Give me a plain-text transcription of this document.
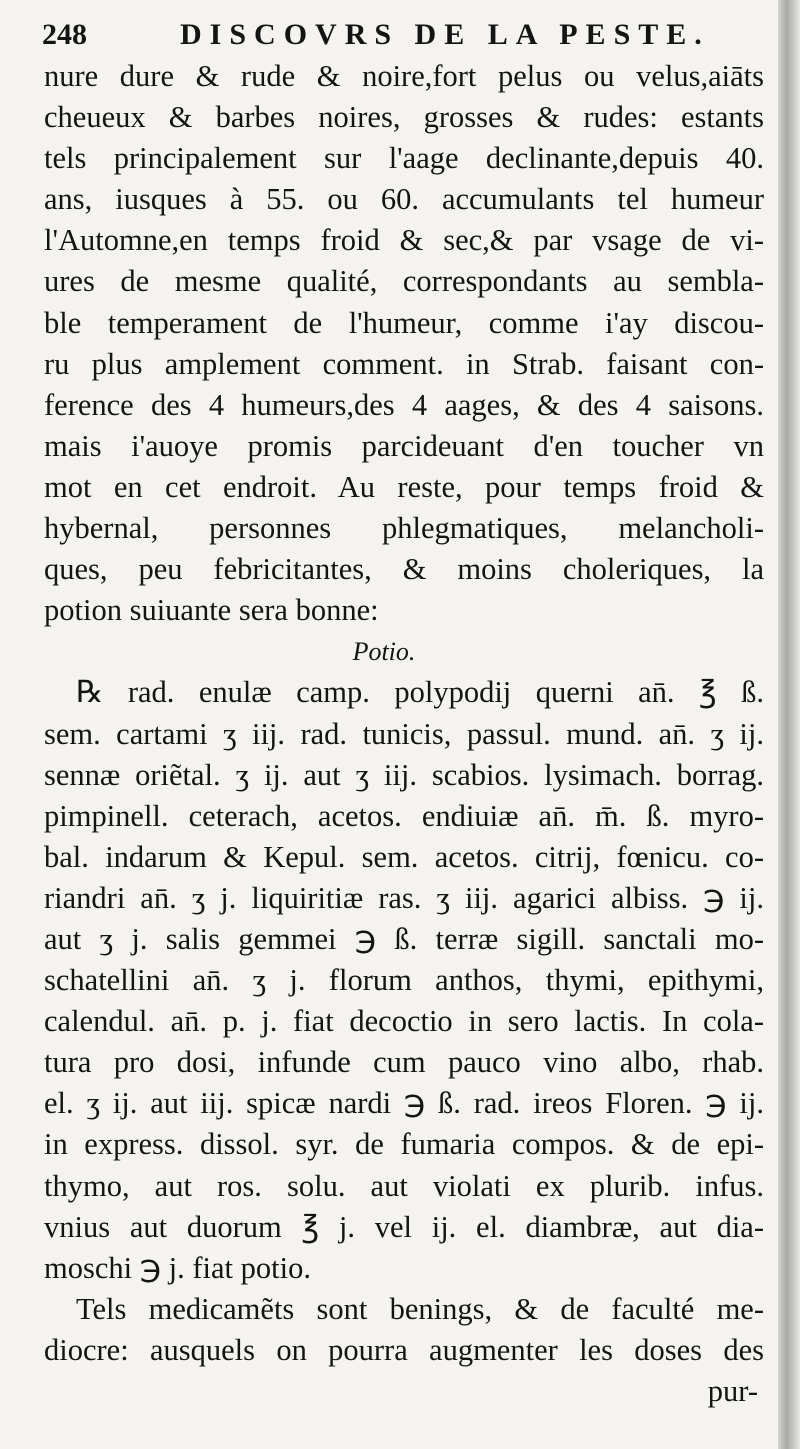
248	DISCOVRS DE LA PESTE.
nure dure & rude & noire,fort pelus ou velus,aiāts
cheueux & barbes noires, grosses & rudes: estants
tels principalement sur l'aage declinante,depuis 40.
ans, iusques à 55. ou 60. accumulants tel humeur
l'Automne,en temps froid & sec,& par vsage de vi-
ures de mesme qualité, correspondants au sembla-
ble temperament de l'humeur, comme i'ay discou-
ru plus amplement comment. in Strab. faisant con-
ference des 4 humeurs,des 4 aages, & des 4 saisons.
mais i'auoye promis parcideuant d'en toucher vn
mot en cet endroit. Au reste, pour temps froid &
hybernal, personnes phlegmatiques, melancholi-
ques, peu febricitantes, & moins choleriques, la
potion suiuante sera bonne:
Potio.
℞ rad. enulæ camp. polypodij querni an̄. ℥ ß.
sem. cartami ʒ iij. rad. tunicis, passul. mund. an̄. ʒ ij.
sennæ oriẽtal. ʒ ij. aut ʒ iij. scabios. lysimach. borrag.
pimpinell. ceterach, acetos. endiuiæ an̄. m̄. ß. myro-
bal. indarum & Kepul. sem. acetos. citrij, fœnicu. co-
riandri an̄. ʒ j. liquiritiæ ras. ʒ iij. agarici albiss. ℈ ij.
aut ʒ j. salis gemmei ℈ ß. terræ sigill. sanctali mo-
schatellini an̄. ʒ j. florum anthos, thymi, epithymi,
calendul. an̄. p. j. fiat decoctio in sero lactis. In cola-
tura pro dosi, infunde cum pauco vino albo, rhab.
el. ʒ ij. aut iij. spicæ nardi ℈ ß. rad. ireos Floren. ℈ ij.
in express. dissol. syr. de fumaria compos. & de epi-
thymo, aut ros. solu. aut violati ex plurib. infus.
vnius aut duorum ℥ j. vel ij. el. diambræ, aut dia-
moschi ℈ j. fiat potio.
Tels medicamẽts sont benings, & de faculté me-
diocre: ausquels on pourra augmenter les doses des
pur-
